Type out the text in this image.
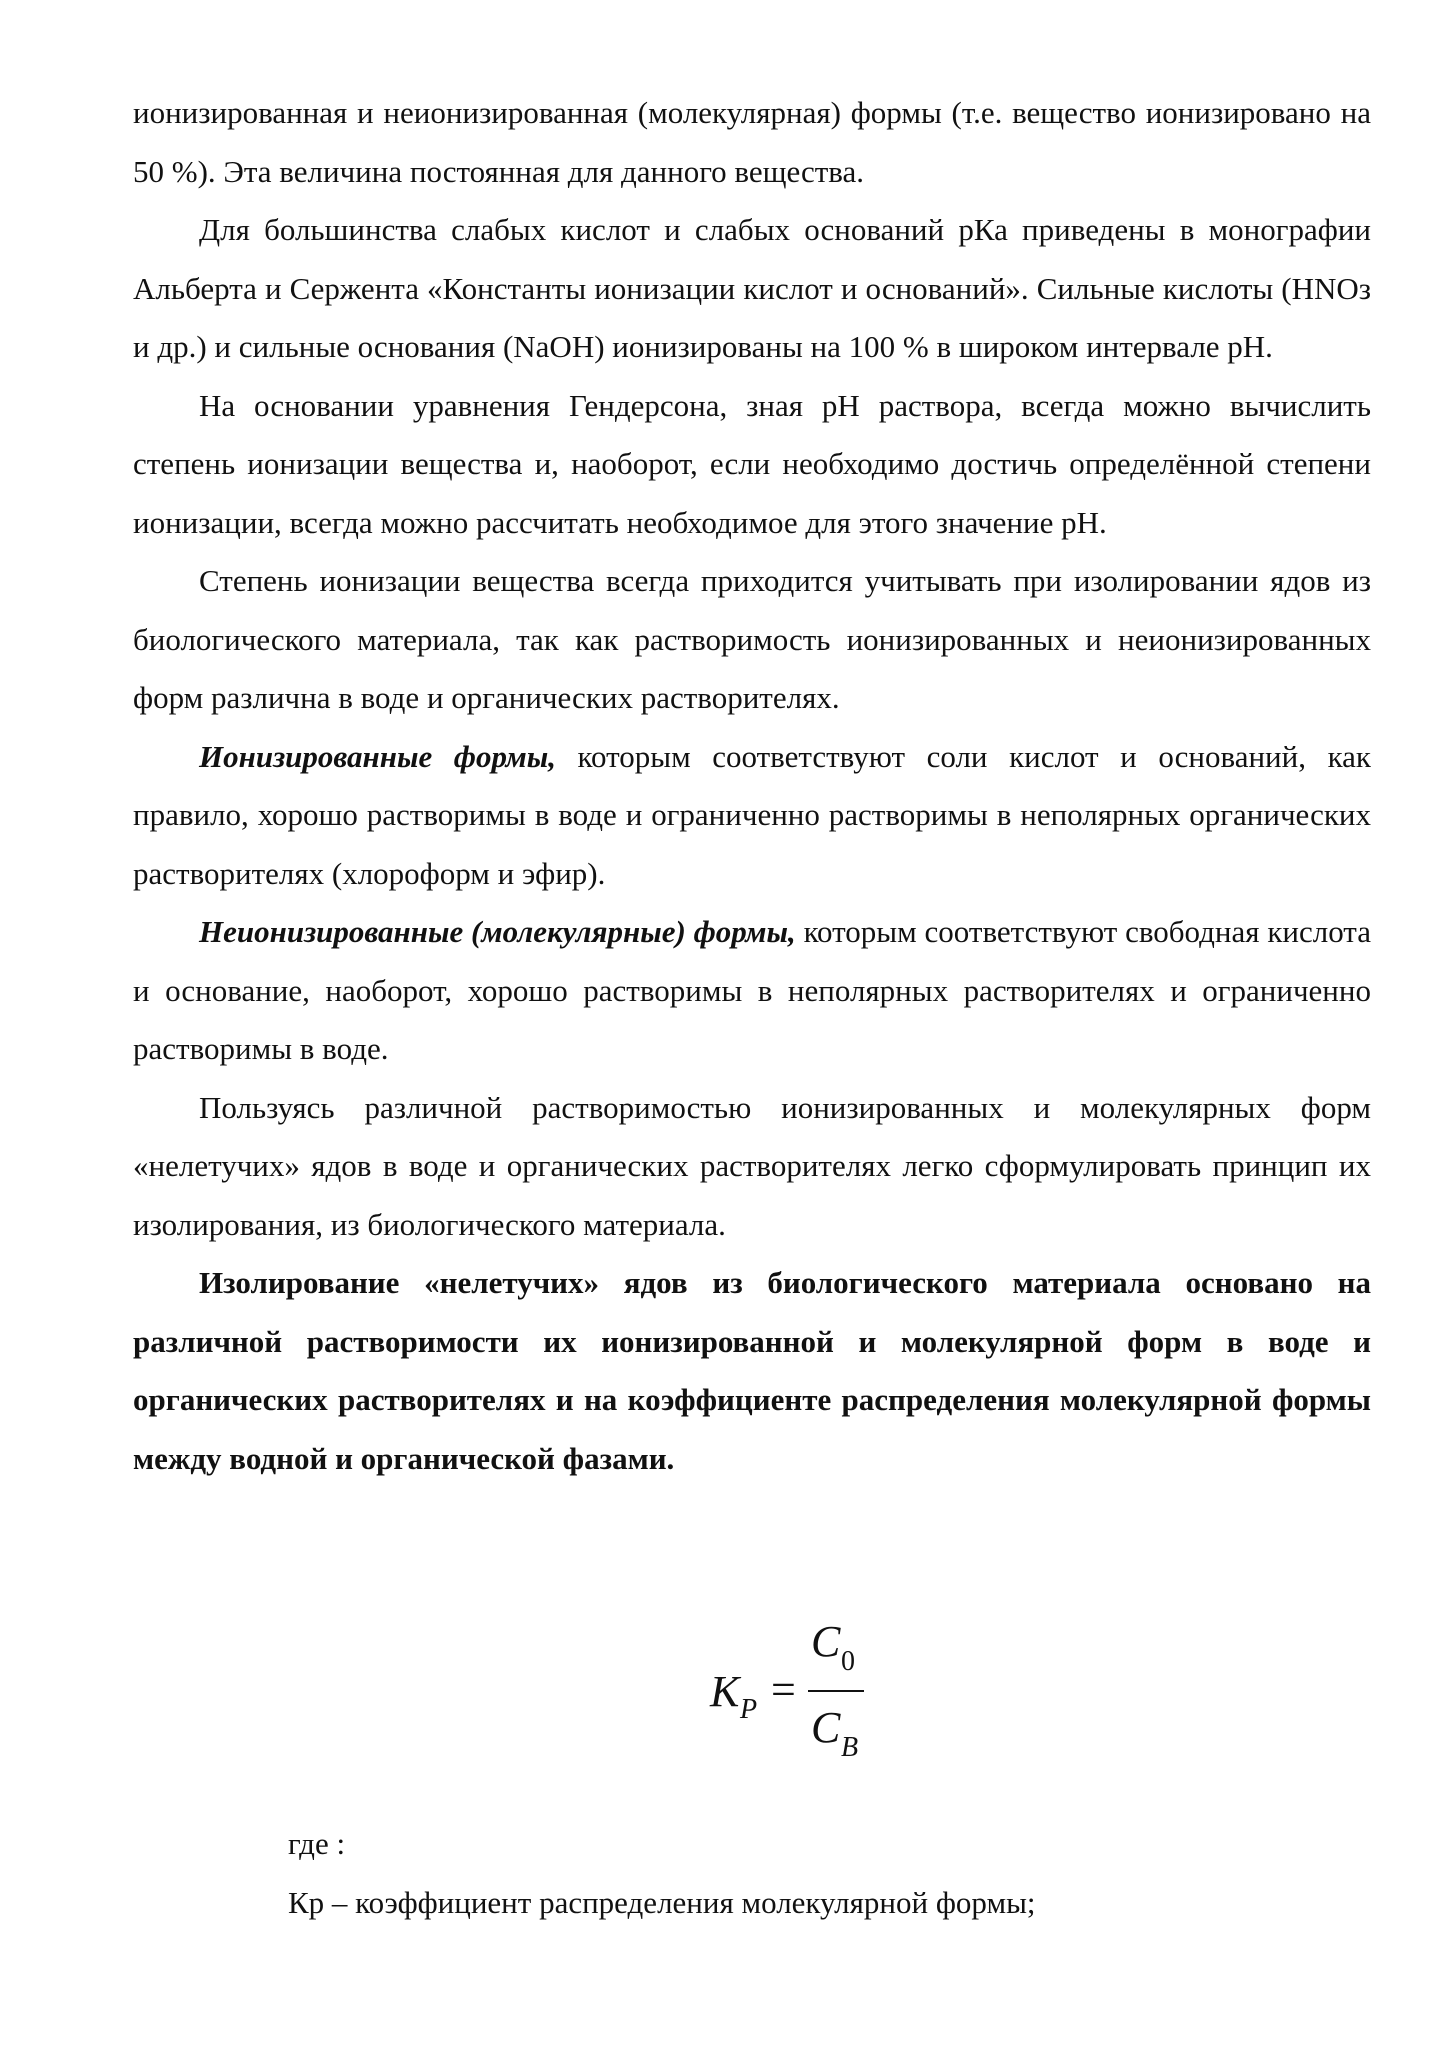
ионизированная и неионизированная (молекулярная) формы (т.е. вещество ионизировано на 50 %). Эта величина постоянная для данного вещества.

Для большинства слабых кислот и слабых оснований рКа приведены в монографии Альберта и Сержента «Константы ионизации кислот и оснований». Сильные кислоты (HNOз и др.) и сильные основания (NaOH) ионизированы на 100 % в широком интервале рН.

На основании уравнения Гендерсона, зная рН раствора, всегда можно вычислить степень ионизации вещества и, наоборот, если необходимо достичь определённой степени ионизации, всегда можно рассчитать необходимое для этого значение рН.

Степень ионизации вещества всегда приходится учитывать при изолировании ядов из биологического материала, так как растворимость ионизированных и неионизированных форм различна в воде и органических растворителях.

Ионизированные формы, которым соответствуют соли кислот и оснований, как правило, хорошо растворимы в воде и ограниченно растворимы в неполярных органических растворителях (хлороформ и эфир).

Неионизированные (молекулярные) формы, которым соответствуют свободная кислота и основание, наоборот, хорошо растворимы в неполярных растворителях и ограниченно растворимы в воде.

Пользуясь различной растворимостью ионизированных и молекулярных форм «нелетучих» ядов в воде и органических растворителях легко сформулировать принцип их изолирования, из биологического материала.

Изолирование «нелетучих» ядов из биологического материала основано на различной растворимости их ионизированной и молекулярной форм в воде и органических растворителях и на коэффициенте распределения молекулярной формы между водной и органической фазами.

K P =
C 0
C B
где :
Кр – коэффициент распределения молекулярной формы;
